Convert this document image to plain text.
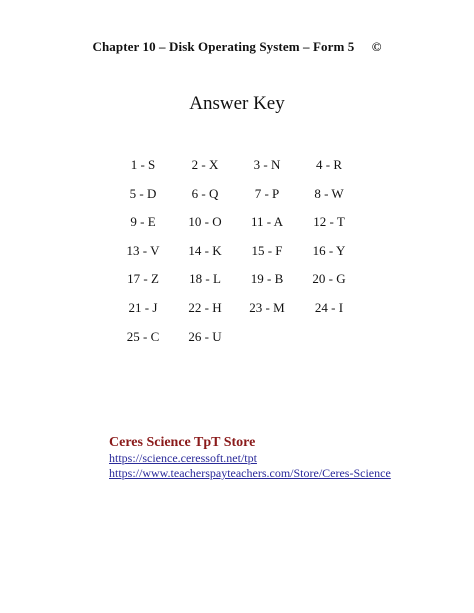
Chapter 10 – Disk Operating System – Form 5 ©
Answer Key
1 - S	2 - X	3 - N	4 - R
5 - D	6 - Q	7 - P	8 - W
9 - E	10 - O	11 - A	12 - T
13 - V	14 - K	15 - F	16 - Y
17 - Z	18 - L	19 - B	20 - G
21 - J	22 - H	23 - M	24 - I
25 - C	26 - U
Ceres Science TpT Store
https://science.ceressoft.net/tpt
https://www.teacherspayteachers.com/Store/Ceres-Science
